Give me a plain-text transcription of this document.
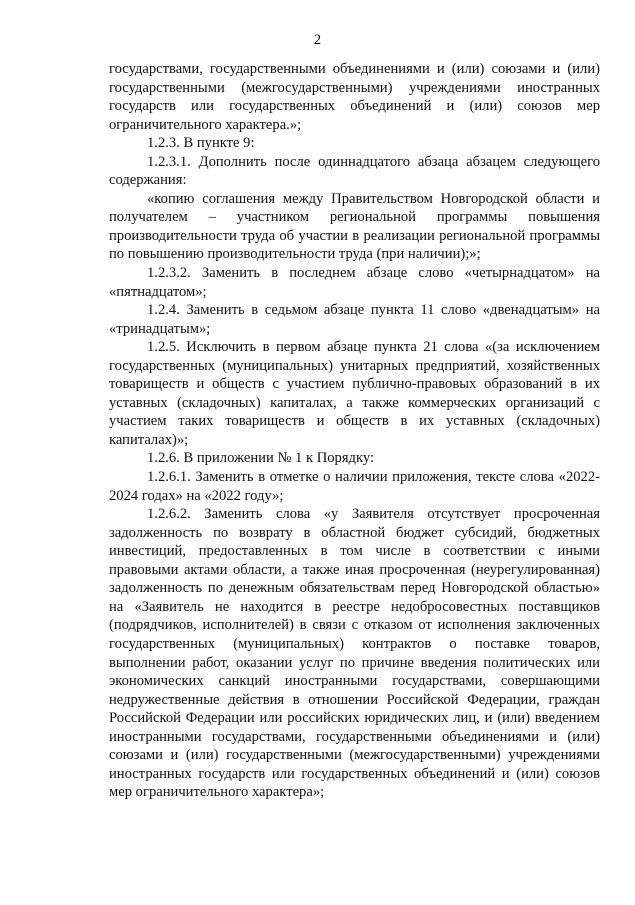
2

государствами, государственными объединениями и (или) союзами и (или) государственными (межгосударственными) учреждениями иностранных государств или государственных объединений и (или) союзов мер ограничительного характера.»;

1.2.3. В пункте 9:

1.2.3.1. Дополнить после одиннадцатого абзаца абзацем следующего содержания:

«копию соглашения между Правительством Новгородской области и получателем – участником региональной программы повышения производительности труда об участии в реализации региональной программы по повышению производительности труда (при наличии);»;

1.2.3.2. Заменить в последнем абзаце слово «четырнадцатом» на «пятнадцатом»;

1.2.4. Заменить в седьмом абзаце пункта 11 слово «двенадцатым» на «тринадцатым»;

1.2.5. Исключить в первом абзаце пункта 21 слова «(за исключением государственных (муниципальных) унитарных предприятий, хозяйственных товариществ и обществ с участием публично-правовых образований в их уставных (складочных) капиталах, а также коммерческих организаций с участием таких товариществ и обществ в их уставных (складочных) капиталах)»;

1.2.6. В приложении № 1 к Порядку:

1.2.6.1. Заменить в отметке о наличии приложения, тексте слова «2022-2024 годах» на «2022 году»;

1.2.6.2. Заменить слова «у Заявителя отсутствует просроченная задолженность по возврату в областной бюджет субсидий, бюджетных инвестиций, предоставленных в том числе в соответствии с иными правовыми актами области, а также иная просроченная (неурегулированная) задолженность по денежным обязательствам перед Новгородской областью» на «Заявитель не находится в реестре недобросовестных поставщиков (подрядчиков, исполнителей) в связи с отказом от исполнения заключенных государственных (муниципальных) контрактов о поставке товаров, выполнении работ, оказании услуг по причине введения политических или экономических санкций иностранными государствами, совершающими недружественные действия в отношении Российской Федерации, граждан Российской Федерации или российских юридических лиц, и (или) введением иностранными государствами, государственными объединениями и (или) союзами и (или) государственными (межгосударственными) учреждениями иностранных государств или государственных объединений и (или) союзов мер ограничительного характера»;
